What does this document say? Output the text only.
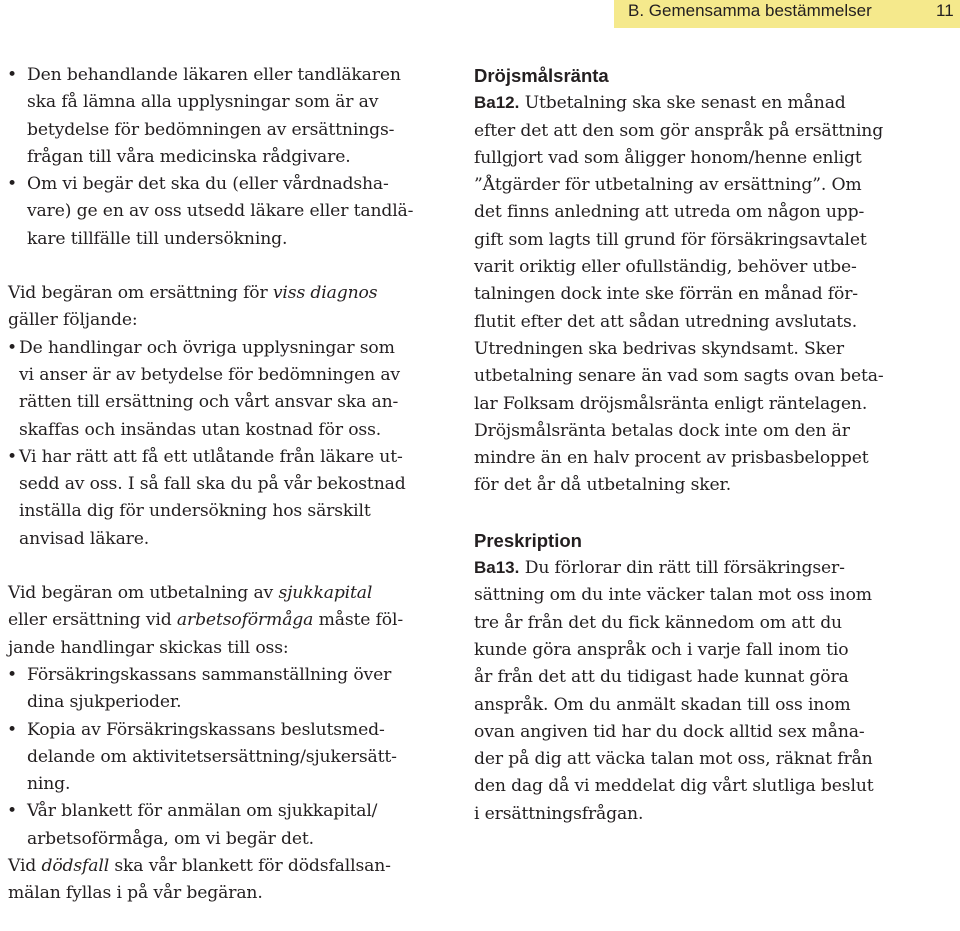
B. Gemensamma bestämmelser	11
• Den behandlande läkaren eller tandläkaren
ska få lämna alla upplysningar som är av
betydelse för bedömningen av ersättnings-
frågan till våra medicinska rådgivare.
• Om vi begär det ska du (eller vårdnadsha-
vare) ge en av oss utsedd läkare eller tandlä-
kare tillfälle till undersökning.
Vid begäran om ersättning för viss diagnos
gäller följande:
• De handlingar och övriga upplysningar som
vi anser är av betydelse för bedömningen av
rätten till ersättning och vårt ansvar ska an-
skaffas och insändas utan kostnad för oss.
• Vi har rätt att få ett utlåtande från läkare ut-
sedd av oss. I så fall ska du på vår bekostnad
inställa dig för undersökning hos särskilt
anvisad läkare.
Vid begäran om utbetalning av sjukkapital
eller ersättning vid arbetsoförmåga måste föl-
jande handlingar skickas till oss:
• Försäkringskassans sammanställning över
dina sjukperioder.
• Kopia av Försäkringskassans beslutsmed-
delande om aktivitetsersättning/sjukersätt-
ning.
• Vår blankett för anmälan om sjukkapital/
arbetsoförmåga, om vi begär det.
Vid dödsfall ska vår blankett för dödsfallsan-
mälan fyllas i på vår begäran.
Dröjsmålsränta
Ba12. Utbetalning ska ske senast en månad
efter det att den som gör anspråk på ersättning
fullgjort vad som åligger honom/henne enligt
”Åtgärder för utbetalning av ersättning”. Om
det finns anledning att utreda om någon upp-
gift som lagts till grund för försäkringsavtalet
varit oriktig eller ofullständig, behöver utbe-
talningen dock inte ske förrän en månad för-
flutit efter det att sådan utredning avslutats.
Utredningen ska bedrivas skyndsamt. Sker
utbetalning senare än vad som sagts ovan beta-
lar Folksam dröjsmålsränta enligt räntelagen.
Dröjsmålsränta betalas dock inte om den är
mindre än en halv procent av prisbasbeloppet
för det år då utbetalning sker.
Preskription
Ba13. Du förlorar din rätt till försäkringser-
sättning om du inte väcker talan mot oss inom
tre år från det du fick kännedom om att du
kunde göra anspråk och i varje fall inom tio
år från det att du tidigast hade kunnat göra
anspråk. Om du anmält skadan till oss inom
ovan angiven tid har du dock alltid sex måna-
der på dig att väcka talan mot oss, räknat från
den dag då vi meddelat dig vårt slutliga beslut
i ersättningsfrågan.
